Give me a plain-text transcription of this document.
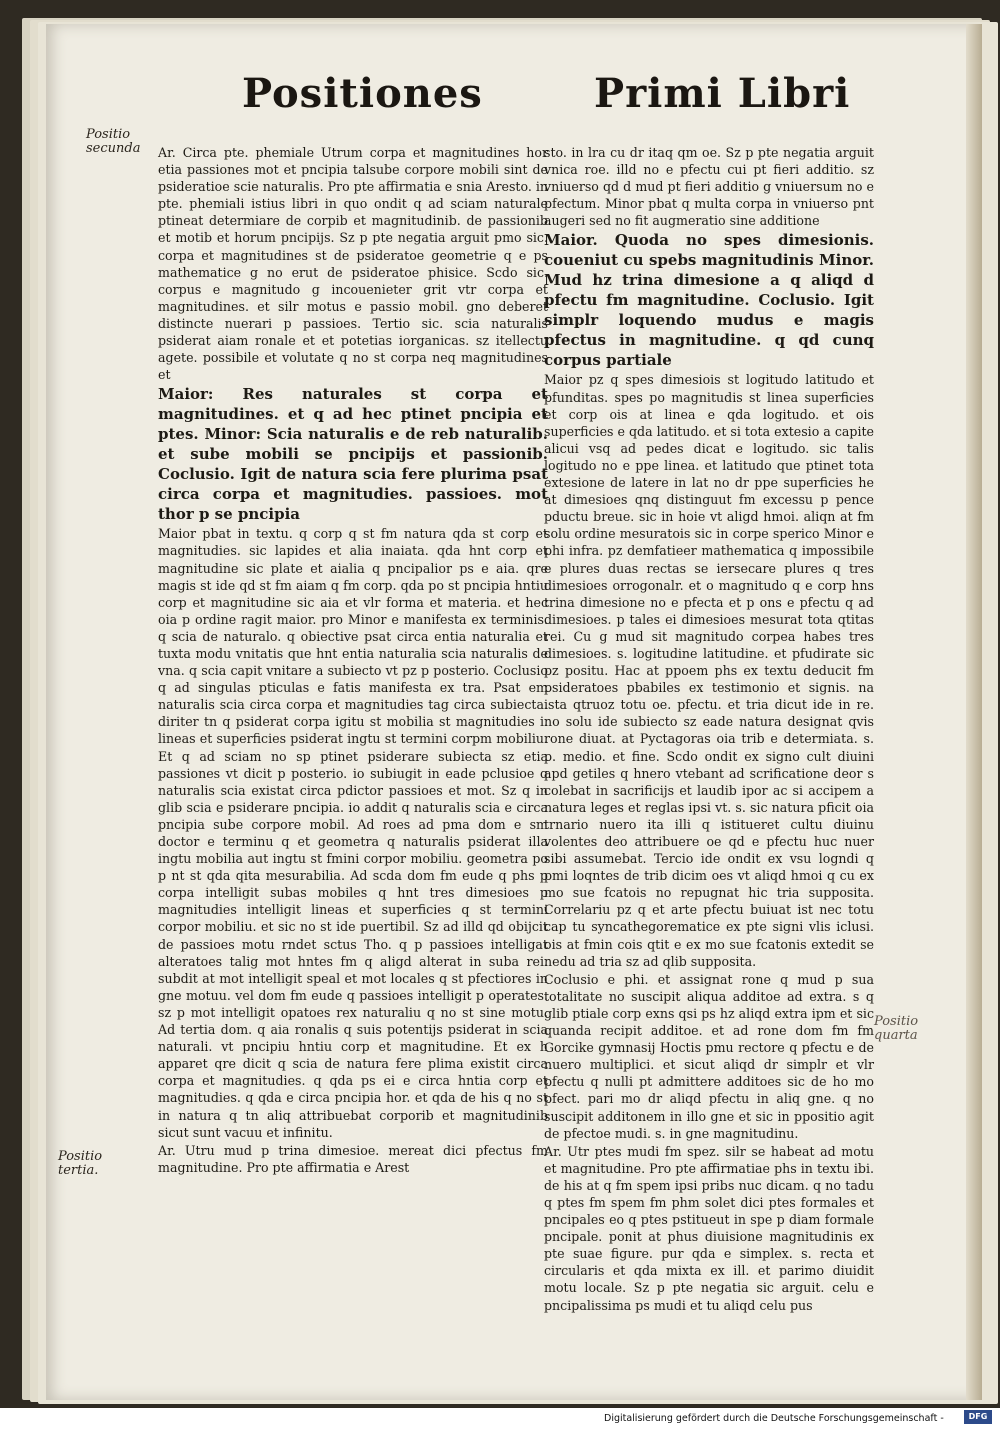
Positiones	Primi Libri
Positio secunda
Positio tertia.
Positio quarta

Ar. Circa pte. phemiale Utrum corpa et magnitudines hor etia passiones mot et pncipia talsube corpore mobili sint de psideratioe scie naturalis. Pro pte affirmatia e snia Aresto. in pte. phemiali istius libri in quo ondit q ad sciam naturale ptineat determiare de corpib et magnitudinib. de passionib et motib et horum pncipijs. Sz p pte negatia arguit pmo sic. corpa et magnitudines st de psideratoe geometrie q e ps mathematice g no erut de psideratoe phisice. Scdo sic. corpus e magnitudo g incouenieter grit vtr corpa et magnitudines. et silr motus e passio mobil. gno deberet distincte nuerari p passioes. Tertio sic. scia naturalis psiderat aiam ronale et et potetias iorganicas. sz itellectu agete. possibile et volutate q no st corpa neq magnitudines et

Maior: Res naturales st corpa et magnitudines. et q ad hec ptinet pncipia et ptes. Minor: Scia naturalis e de reb naturalib. et sube mobili se pncipijs et passionib. Coclusio. Igit de natura scia fere plurima psat circa corpa et magnitudies. passioes. mot thor p se pncipia

Maior pbat in textu. q corp q st fm natura qda st corp et magnitudies. sic lapides et alia inaiata. qda hnt corp et magnitudine sic plate et aialia q pncipalior ps e aia. qre magis st ide qd st fm aiam q fm corp. qda po st pncipia hntiu corp et magnitudine sic aia et vlr forma et materia. et hec oia p ordine ragit maior. pro Minor e manifesta ex terminis. q scia de naturalo. q obiective psat circa entia naturalia et tuxta modu vnitatis que hnt entia naturalia scia naturalis de vna. q scia capit vnitare a subiecto vt pz p posterio. Coclusio q ad singulas pticulas e fatis manifesta ex tra. Psat em naturalis scia circa corpa et magnitudies tag circa subiecta. diriter tn q psiderat corpa igitu st mobilia st magnitudies i. lineas et superficies psiderat ingtu st termini corpm mobiliu. Et q ad sciam no sp ptinet psiderare subiecta sz etia passiones vt dicit p posterio. io subiugit in eade pclusioe q naturalis scia existat circa pdictor passioes et mot. Sz q in glib scia e psiderare pncipia. io addit q naturalis scia e circa pncipia sube corpore mobil. Ad roes ad pma dom e sm doctor e terminu q et geometra q naturalis psiderat illa ingtu mobilia aut ingtu st fmini corpor mobiliu. geometra po p nt st qda qita mesurabilia. Ad scda dom fm eude q phs p corpa intelligit subas mobiles q hnt tres dimesioes p magnitudies intelligit lineas et superficies q st termini corpor mobiliu. et sic no st ide puertibil. Sz ad illd qd obijcit de passioes motu rndet sctus Tho. q p passioes intelligat alteratoes talig mot hntes fm q aligd alterat in suba rei. subdit at mot intelligit speal et mot locales q st pfectiores in gne motuu. vel dom fm eude q passioes intelligit p operates. sz p mot intelligit opatoes rex naturaliu q no st sine motu. Ad tertia dom. q aia ronalis q suis potentijs psiderat in scia naturali. vt pncipiu hntiu corp et magnitudine. Et ex h apparet qre dicit q scia de natura fere plima existit circa corpa et magnitudies. q qda ps ei e circa hntia corp et magnitudies. q qda e circa pncipia hor. et qda de his q no st in natura q tn aliq attribuebat corporib et magnitudinib sicut sunt vacuu et infinitu.

Ar. Utru mud p trina dimesioe. mereat dici pfectus fm magnitudine. Pro pte affirmatia e Arest

sto. in lra cu dr itaq qm oe. Sz p pte negatia arguit vnica roe. illd no e pfectu cui pt fieri additio. sz vniuerso qd d mud pt fieri additio g vniuersum no e pfectum. Minor pbat q multa corpa in vniuerso pnt augeri sed no fit augmeratio sine additione

Maior. Quoda no spes dimesionis. coueniut cu spebs magnitudinis Minor. Mud hz trina dimesione a q aliqd d pfectu fm magnitudine. Coclusio. Igit simplr loquendo mudus e magis pfectus in magnitudine. q qd cunq corpus partiale

Maior pz q spes dimesiois st logitudo latitudo et pfunditas. spes po magnitudis st linea superficies et corp ois at linea e qda logitudo. et ois superficies e qda latitudo. et si tota extesio a capite alicui vsq ad pedes dicat e logitudo. sic talis logitudo no e ppe linea. et latitudo que ptinet tota extesione de latere in lat no dr ppe superficies he at dimesioes qnq distinguut fm excessu p pence pductu breue. sic in hoie vt aligd hmoi. aliqn at fm solu ordine mesuratois sic in corpe sperico Minor e phi infra. pz demfatieer mathematica q impossibile e plures duas rectas se iersecare plures q tres dimesioes orrogonalr. et o magnitudo q e corp hns trina dimesione no e pfecta et p ons e pfectu q ad dimesioes. p tales ei dimesioes mesurat tota qtitas rei. Cu g mud sit magnitudo corpea habes tres dimesioes. s. logitudine latitudine. et pfudirate sic pz positu. Hac at ppoem phs ex textu deducit fm psideratoes pbabiles ex testimonio et signis. na ista qtruoz totu oe. pfectu. et tria dicut ide in re. no solu ide subiecto sz eade natura designat qvis rone diuat. at Pyctagoras oia trib e determiata. s. p. medio. et fine. Scdo ondit ex signo cult diuini apd getiles q hnero vtebant ad scrificatione deor s colebat in sacrificijs et laudib ipor ac si accipem a natura leges et reglas ipsi vt. s. sic natura pficit oia trnario nuero ita illi q istitueret cultu diuinu volentes deo attribuere oe qd e pfectu huc nuer sibi assumebat. Tercio ide ondit ex vsu logndi q pmi loqntes de trib dicim oes vt aliqd hmoi q cu ex mo sue fcatois no repugnat hic tria supposita. Correlariu pz q et arte pfectu buiuat ist nec totu cap tu syncathegorematice ex pte signi vlis iclusi. ois at fmin cois qtit e ex mo sue fcatonis extedit se nedu ad tria sz ad qlib supposita.

Coclusio e phi. et assignat rone q mud p sua totalitate no suscipit aliqua additoe ad extra. s q glib ptiale corp exns qsi ps hz aliqd extra ipm et sic quanda recipit additoe. et ad rone dom fm fm Gorcike gymnasij Hoctis pmu rectore q pfectu e de nuero multiplici. et sicut aliqd dr simplr et vlr pfectu q nulli pt admittere additoes sic de ho mo pfect. pari mo dr aliqd pfectu in aliq gne. q no suscipit additonem in illo gne et sic in ppositio agit de pfectoe mudi. s. in gne magnitudinu.

Ar. Utr ptes mudi fm spez. silr se habeat ad motu et magnitudine. Pro pte affirmatiae phs in textu ibi. de his at q fm spem ipsi pribs nuc dicam. q no tadu q ptes fm spem fm phm solet dici ptes formales et pncipales eo q ptes pstitueut in spe p diam formale pncipale. ponit at phus diuisione magnitudinis ex pte suae figure. pur qda e simplex. s. recta et circularis et qda mixta ex ill. et parimo diuidit motu locale. Sz p pte negatia sic arguit. celu e pncipalissima ps mudi et tu aliqd celu pus

Digitalisierung gefördert durch die Deutsche Forschungsgemeinschaft -	DFG
